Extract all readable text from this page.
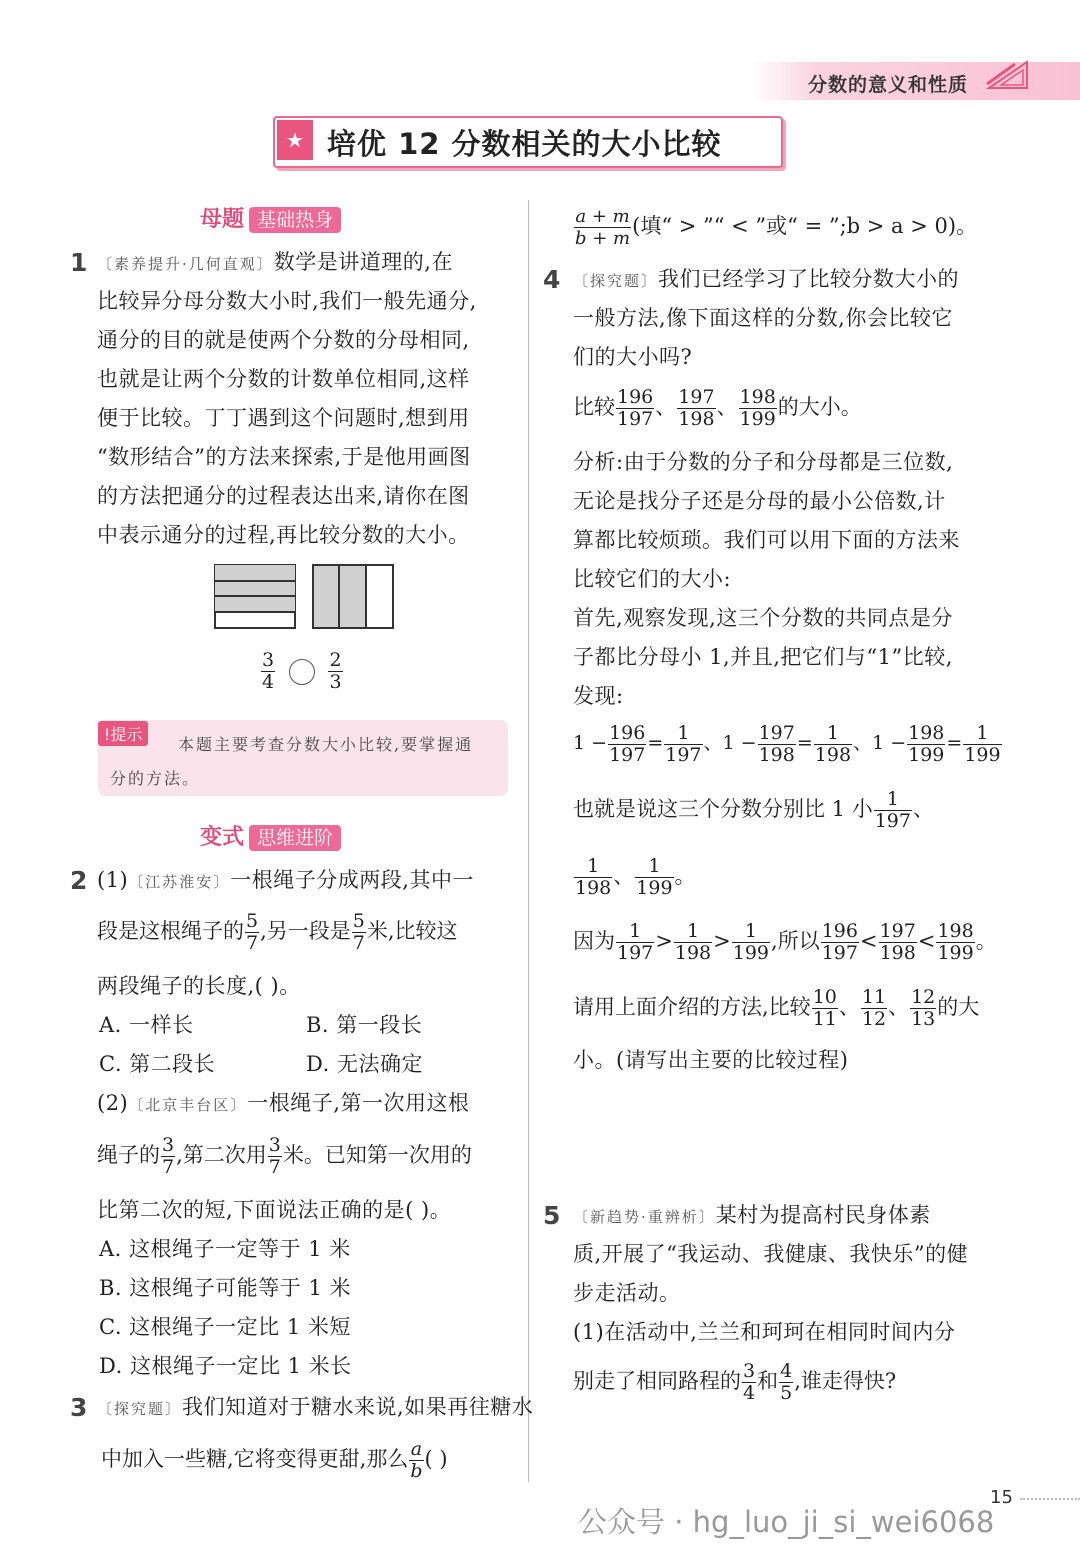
分数的意义和性质
★ 培优 12 分数相关的大小比较
母题 基础热身
1 〔素养提升·几何直观〕数学是讲道理的,在
比较异分母分数大小时,我们一般先通分,
通分的目的就是使两个分数的分母相同,
也就是让两个分数的计数单位相同,这样
便于比较。丁丁遇到这个问题时,想到用
“数形结合”的方法来探索,于是他用画图
的方法把通分的过程表达出来,请你在图
中表示通分的过程,再比较分数的大小。
$\frac{3}{4}$
	$\frac{2}{3}$
!提示
本题主要考查分数大小比较,要掌握通
分的方法。
变式 思维进阶
2 (1)〔江苏淮安〕一根绳子分成两段,其中一
段是这根绳子的 $\frac{5}{7}$ ,另一段是 $\frac{5}{7}$ 米,比较这
两段绳子的长度,( )。
A. 一样长	B. 第一段长
C. 第二段长	D. 无法确定
(2)〔北京丰台区〕一根绳子,第一次用这根
绳子的 $\frac{3}{7}$ ,第二次用 $\frac{3}{7}$ 米。已知第一次用的
比第二次的短,下面说法正确的是( )。
A. 这根绳子一定等于 1 米
B. 这根绳子可能等于 1 米
C. 这根绳子一定比 1 米短
D. 这根绳子一定比 1 米长
3 〔探究题〕我们知道对于糖水来说,如果再往糖水
中加入一些糖,它将变得更甜,那么 $\frac{a}{b}$ ( )
$\frac{a + m}{b + m}$ (填“ > ”“ < ”或“ = ”;b > a > 0)。
4 〔探究题〕我们已经学习了比较分数大小的
一般方法,像下面这样的分数,你会比较它
们的大小吗?
比较 $\frac{196}{197}$ 、 $\frac{197}{198}$ 、 $\frac{198}{199}$ 的大小。
分析:由于分数的分子和分母都是三位数,
无论是找分子还是分母的最小公倍数,计
算都比较烦琐。我们可以用下面的方法来
比较它们的大小:
首先,观察发现,这三个分数的共同点是分
子都比分母小 1,并且,把它们与“1”比较,
发现:
$1 - \frac{196}{197} = \frac{1}{197}$ 、$1 - \frac{197}{198} = \frac{1}{198}$ 、$1 - \frac{198}{199} = \frac{1}{199}$
也就是说这三个分数分别比 1 小 $\frac{1}{197}$ 、
$\frac{1}{198}$ 、 $\frac{1}{199}$ 。
因为 $\frac{1}{197} > \frac{1}{198} > \frac{1}{199}$ ,所以 $\frac{196}{197} < \frac{197}{198} < \frac{198}{199}$ 。
请用上面介绍的方法,比较 $\frac{10}{11}$ 、 $\frac{11}{12}$ 、 $\frac{12}{13}$ 的大
小。(请写出主要的比较过程)
5 〔新趋势·重辨析〕某村为提高村民身体素
质,开展了“我运动、我健康、我快乐”的健
步走活动。
(1)在活动中,兰兰和珂珂在相同时间内分
别走了相同路程的 $\frac{3}{4}$ 和 $\frac{4}{5}$ ,谁走得快?
15
公众号 · hg_luo_ji_si_wei6068
